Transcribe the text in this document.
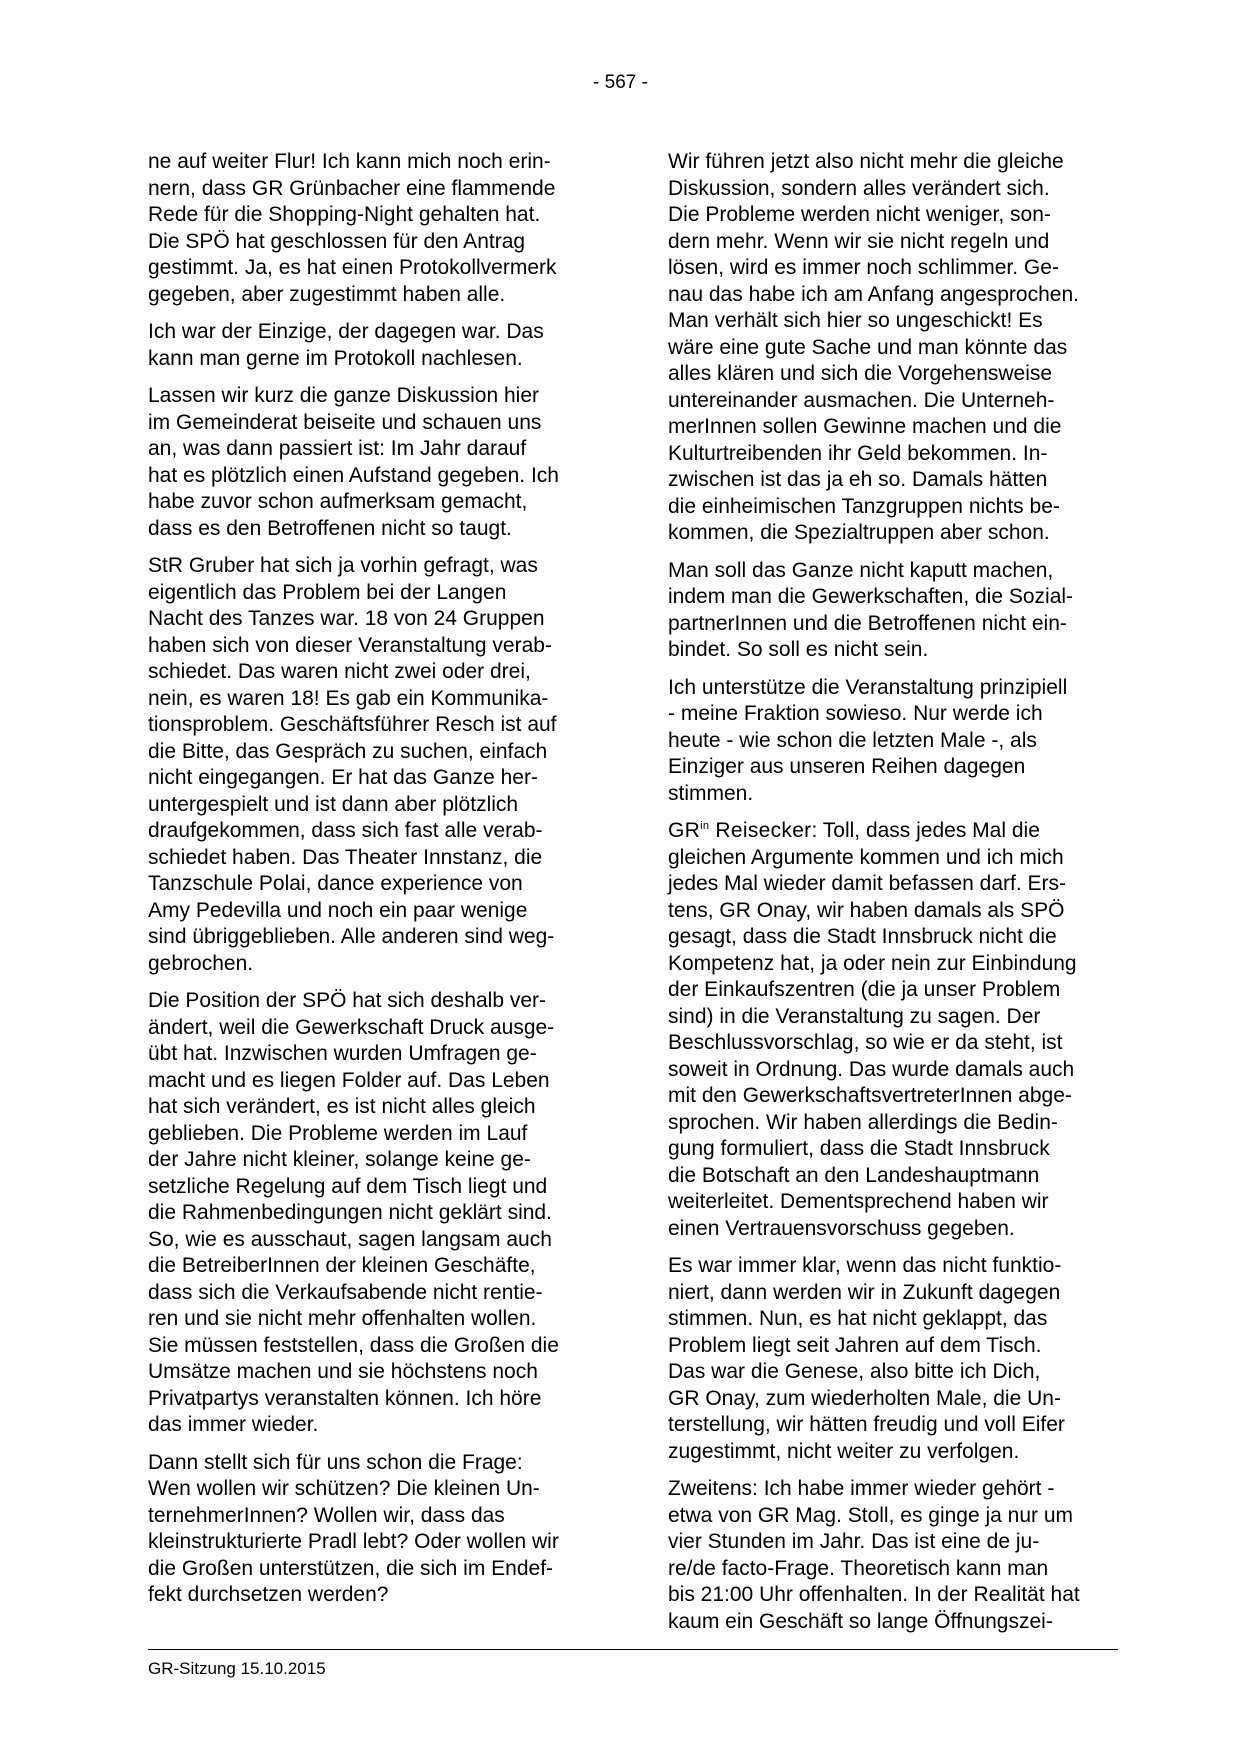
- 567 -

ne auf weiter Flur! Ich kann mich noch erin-
nern, dass GR Grünbacher eine flammende
Rede für die Shopping-Night gehalten hat.
Die SPÖ hat geschlossen für den Antrag
gestimmt. Ja, es hat einen Protokollvermerk
gegeben, aber zugestimmt haben alle.

Ich war der Einzige, der dagegen war. Das
kann man gerne im Protokoll nachlesen.

Lassen wir kurz die ganze Diskussion hier
im Gemeinderat beiseite und schauen uns
an, was dann passiert ist: Im Jahr darauf
hat es plötzlich einen Aufstand gegeben. Ich
habe zuvor schon aufmerksam gemacht,
dass es den Betroffenen nicht so taugt.

StR Gruber hat sich ja vorhin gefragt, was
eigentlich das Problem bei der Langen
Nacht des Tanzes war. 18 von 24 Gruppen
haben sich von dieser Veranstaltung verab-
schiedet. Das waren nicht zwei oder drei,
nein, es waren 18! Es gab ein Kommunika-
tionsproblem. Geschäftsführer Resch ist auf
die Bitte, das Gespräch zu suchen, einfach
nicht eingegangen. Er hat das Ganze her-
untergespielt und ist dann aber plötzlich
draufgekommen, dass sich fast alle verab-
schiedet haben. Das Theater Innstanz, die
Tanzschule Polai, dance experience von
Amy Pedevilla und noch ein paar wenige
sind übriggeblieben. Alle anderen sind weg-
gebrochen.

Die Position der SPÖ hat sich deshalb ver-
ändert, weil die Gewerkschaft Druck ausge-
übt hat. Inzwischen wurden Umfragen ge-
macht und es liegen Folder auf. Das Leben
hat sich verändert, es ist nicht alles gleich
geblieben. Die Probleme werden im Lauf
der Jahre nicht kleiner, solange keine ge-
setzliche Regelung auf dem Tisch liegt und
die Rahmenbedingungen nicht geklärt sind.
So, wie es ausschaut, sagen langsam auch
die BetreiberInnen der kleinen Geschäfte,
dass sich die Verkaufsabende nicht rentie-
ren und sie nicht mehr offenhalten wollen.
Sie müssen feststellen, dass die Großen die
Umsätze machen und sie höchstens noch
Privatpartys veranstalten können. Ich höre
das immer wieder.

Dann stellt sich für uns schon die Frage:
Wen wollen wir schützen? Die kleinen Un-
ternehmerInnen? Wollen wir, dass das
kleinstrukturierte Pradl lebt? Oder wollen wir
die Großen unterstützen, die sich im Endef-
fekt durchsetzen werden?

Wir führen jetzt also nicht mehr die gleiche
Diskussion, sondern alles verändert sich.
Die Probleme werden nicht weniger, son-
dern mehr. Wenn wir sie nicht regeln und
lösen, wird es immer noch schlimmer. Ge-
nau das habe ich am Anfang angesprochen.
Man verhält sich hier so ungeschickt! Es
wäre eine gute Sache und man könnte das
alles klären und sich die Vorgehensweise
untereinander ausmachen. Die Unterneh-
merInnen sollen Gewinne machen und die
Kulturtreibenden ihr Geld bekommen. In-
zwischen ist das ja eh so. Damals hätten
die einheimischen Tanzgruppen nichts be-
kommen, die Spezialtruppen aber schon.

Man soll das Ganze nicht kaputt machen,
indem man die Gewerkschaften, die Sozial-
partnerInnen und die Betroffenen nicht ein-
bindet. So soll es nicht sein.

Ich unterstütze die Veranstaltung prinzipiell
- meine Fraktion sowieso. Nur werde ich
heute - wie schon die letzten Male -, als
Einziger aus unseren Reihen dagegen
stimmen.

$GR^{in}$ Reisecker: Toll, dass jedes Mal die
gleichen Argumente kommen und ich mich
jedes Mal wieder damit befassen darf. Ers-
tens, GR Onay, wir haben damals als SPÖ
gesagt, dass die Stadt Innsbruck nicht die
Kompetenz hat, ja oder nein zur Einbindung
der Einkaufszentren (die ja unser Problem
sind) in die Veranstaltung zu sagen. Der
Beschlussvorschlag, so wie er da steht, ist
soweit in Ordnung. Das wurde damals auch
mit den GewerkschaftsvertreterInnen abge-
sprochen. Wir haben allerdings die Bedin-
gung formuliert, dass die Stadt Innsbruck
die Botschaft an den Landeshauptmann
weiterleitet. Dementsprechend haben wir
einen Vertrauensvorschuss gegeben.

Es war immer klar, wenn das nicht funktio-
niert, dann werden wir in Zukunft dagegen
stimmen. Nun, es hat nicht geklappt, das
Problem liegt seit Jahren auf dem Tisch.
Das war die Genese, also bitte ich Dich,
GR Onay, zum wiederholten Male, die Un-
terstellung, wir hätten freudig und voll Eifer
zugestimmt, nicht weiter zu verfolgen.

Zweitens: Ich habe immer wieder gehört -
etwa von GR Mag. Stoll, es ginge ja nur um
vier Stunden im Jahr. Das ist eine de ju-
re/de facto-Frage. Theoretisch kann man
bis 21:00 Uhr offenhalten. In der Realität hat
kaum ein Geschäft so lange Öffnungszei-

GR-Sitzung 15.10.2015
